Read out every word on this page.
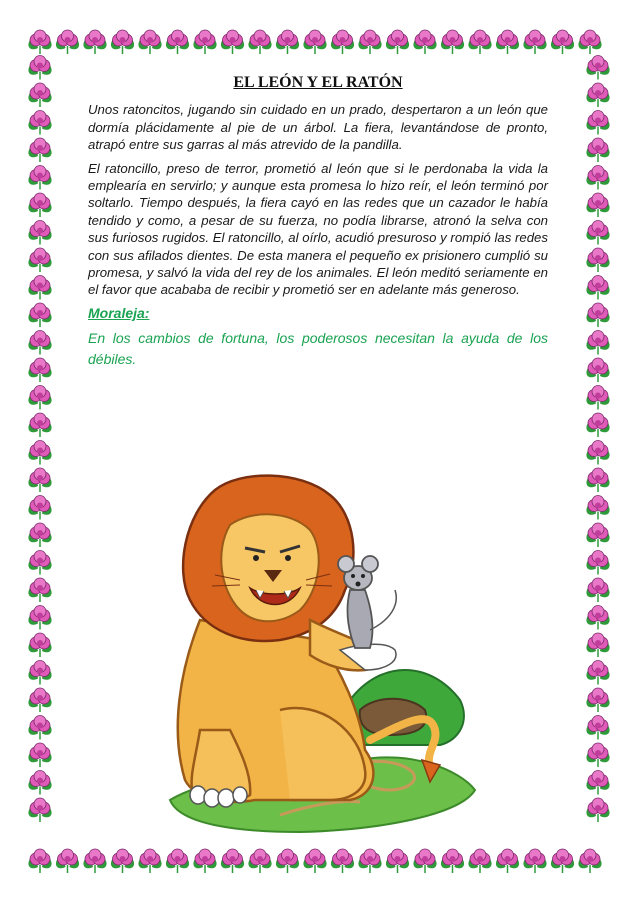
EL LEÓN Y EL RATÓN

Unos ratoncitos, jugando sin cuidado en un prado, despertaron a un león que dormía plácidamente al pie de un árbol. La fiera, levantándose de pronto, atrapó entre sus garras al más atrevido de la pandilla.

El ratoncillo, preso de terror, prometió al león que si le perdonaba la vida la emplearía en servirlo; y aunque esta promesa lo hizo reír, el león terminó por soltarlo. Tiempo después, la fiera cayó en las redes que un cazador le había tendido y como, a pesar de su fuerza, no podía librarse, atronó la selva con sus furiosos rugidos. El ratoncillo, al oírlo, acudió presuroso y rompió las redes con sus afilados dientes. De esta manera el pequeño ex prisionero cumplió su promesa, y salvó la vida del rey de los animales. El león meditó seriamente en el favor que acababa de recibir y prometió ser en adelante más generoso.

Moraleja:

En los cambios de fortuna, los poderosos necesitan la ayuda de los débiles.
